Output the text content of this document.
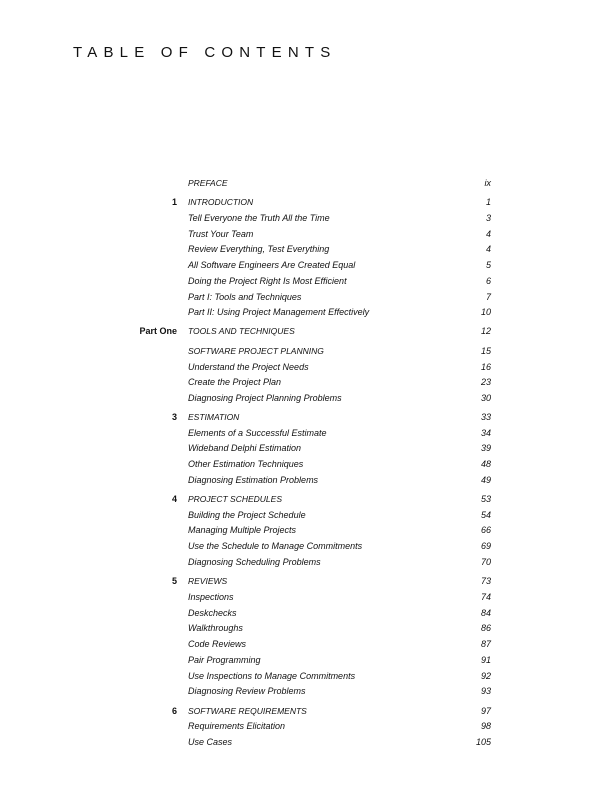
TABLE OF CONTENTS
PREFACE	ix
1 INTRODUCTION	1
Tell Everyone the Truth All the Time	3
Trust Your Team	4
Review Everything, Test Everything	4
All Software Engineers Are Created Equal	5
Doing the Project Right Is Most Efficient	6
Part I: Tools and Techniques	7
Part II: Using Project Management Effectively	10
Part One TOOLS AND TECHNIQUES	12
SOFTWARE PROJECT PLANNING	15
Understand the Project Needs	16
Create the Project Plan	23
Diagnosing Project Planning Problems	30
3 ESTIMATION	33
Elements of a Successful Estimate	34
Wideband Delphi Estimation	39
Other Estimation Techniques	48
Diagnosing Estimation Problems	49
4 PROJECT SCHEDULES	53
Building the Project Schedule	54
Managing Multiple Projects	66
Use the Schedule to Manage Commitments	69
Diagnosing Scheduling Problems	70
5 REVIEWS	73
Inspections	74
Deskchecks	84
Walkthroughs	86
Code Reviews	87
Pair Programming	91
Use Inspections to Manage Commitments	92
Diagnosing Review Problems	93
6 SOFTWARE REQUIREMENTS	97
Requirements Elicitation	98
Use Cases	105
